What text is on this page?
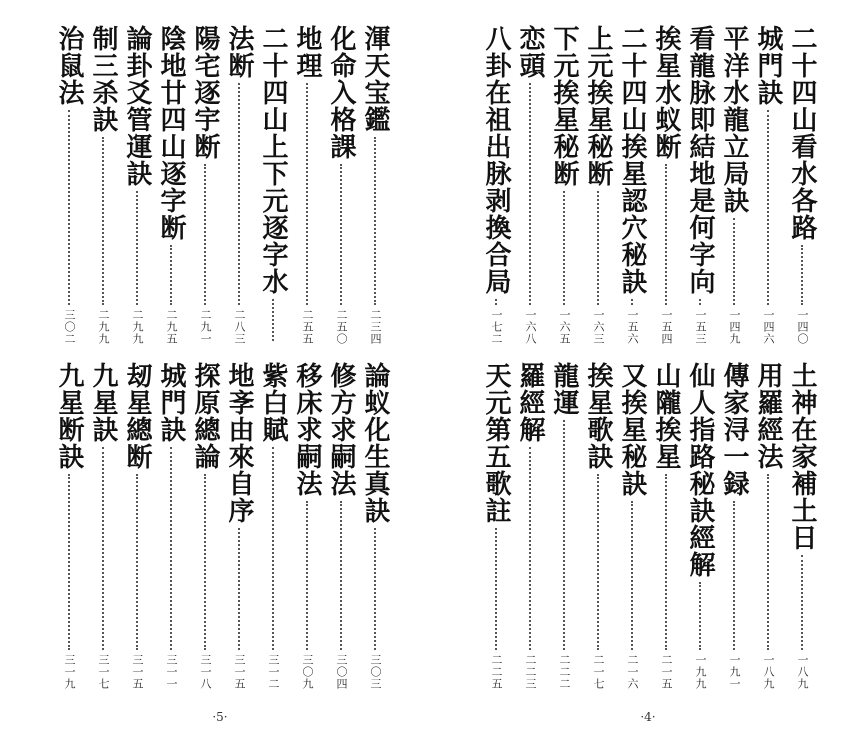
渾天宝鑑
二三四
化命入格課
二五〇
地理
二五五
二十四山上下元逐字水
法断
二八三
陽宅逐宇断
二九一
陰地廿四山逐字断
二九五
論卦爻管運訣
二九九
制三杀訣
二九九
治鼠法
三〇二
論蚁化生真訣
三〇三
修方求嗣法
三〇四
移床求嗣法
三〇九
紫白賦
三一二
地斈由來自序
三一五
探原總論
三一八
城門訣
三一一
刼星總断
三一五
九星訣
三一七
九星断訣
三一九
·5·
二十四山看水各路
一四〇
城門訣
一四六
平洋水龍立局訣
一四九
看龍脉即結地是何字向
一五三
挨星水蚁断
一五四
二十四山挨星認穴秘訣
一五六
上元挨星秘断
一六三
下元挨星秘断
一六五
恋頭
一六八
八卦在祖出脉剥換合局
一七二
土神在家補土日
一八九
用羅經法
一八九
傳家浔一録
一九一
仙人指路秘訣經解
一九九
山隴挨星
二一五
又挨星秘訣
二一六
挨星歌訣
二一七
龍運
二二二
羅經解
二二三
天元第五歌註
二二五
·4·
